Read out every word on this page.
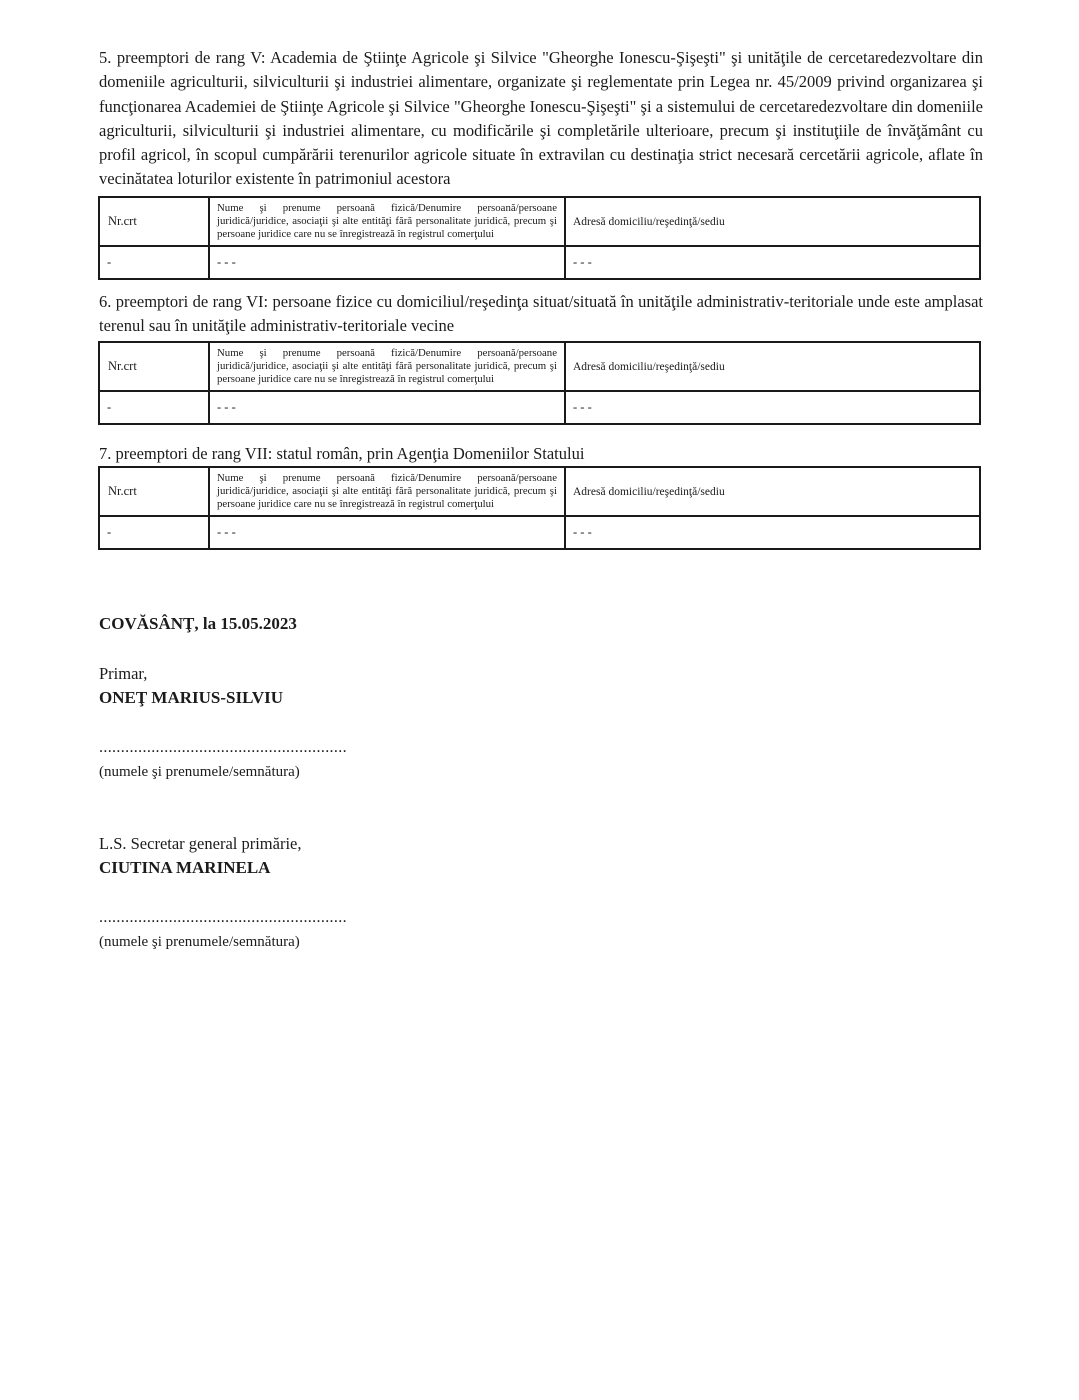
5. preemptori de rang V: Academia de Ştiinţe Agricole şi Silvice "Gheorghe Ionescu-Şişeşti" şi unităţile de cercetaredezvoltare din domeniile agriculturii, silviculturii şi industriei alimentare, organizate şi reglementate prin Legea nr. 45/2009 privind organizarea şi funcţionarea Academiei de Ştiinţe Agricole şi Silvice "Gheorghe Ionescu-Şişeşti" şi a sistemului de cercetaredezvoltare din domeniile agriculturii, silviculturii şi industriei alimentare, cu modificările şi completările ulterioare, precum şi instituţiile de învăţământ cu profil agricol, în scopul cumpărării terenurilor agricole situate în extravilan cu destinaţia strict necesară cercetării agricole, aflate în vecinătatea loturilor existente în patrimoniul acestora

Nr.crt	Nume şi prenume persoană fizică/Denumire persoană/persoane juridică/juridice, asociaţii şi alte entităţi fără personalitate juridică, precum şi persoane juridice care nu se înregistrează în registrul comerţului	Adresă domiciliu/reşedinţă/sediu
-	- - -	- - -

6. preemptori de rang VI: persoane fizice cu domiciliul/reşedinţa situat/situată în unităţile administrativ-teritoriale unde este amplasat terenul sau în unităţile administrativ-teritoriale vecine

Nr.crt	Nume şi prenume persoană fizică/Denumire persoană/persoane juridică/juridice, asociaţii şi alte entităţi fără personalitate juridică, precum şi persoane juridice care nu se înregistrează în registrul comerţului	Adresă domiciliu/reşedinţă/sediu
-	- - -	- - -

7. preemptori de rang VII: statul român, prin Agenţia Domeniilor Statului

Nr.crt	Nume şi prenume persoană fizică/Denumire persoană/persoane juridică/juridice, asociaţii şi alte entităţi fără personalitate juridică, precum şi persoane juridice care nu se înregistrează în registrul comerţului	Adresă domiciliu/reşedinţă/sediu
-	- - -	- - -

COVĂSÂNŢ, la 15.05.2023

Primar,

ONEŢ MARIUS-SILVIU

.........................................................

(numele şi prenumele/semnătura)

L.S. Secretar general primărie,

CIUTINA MARINELA

.........................................................

(numele şi prenumele/semnătura)
